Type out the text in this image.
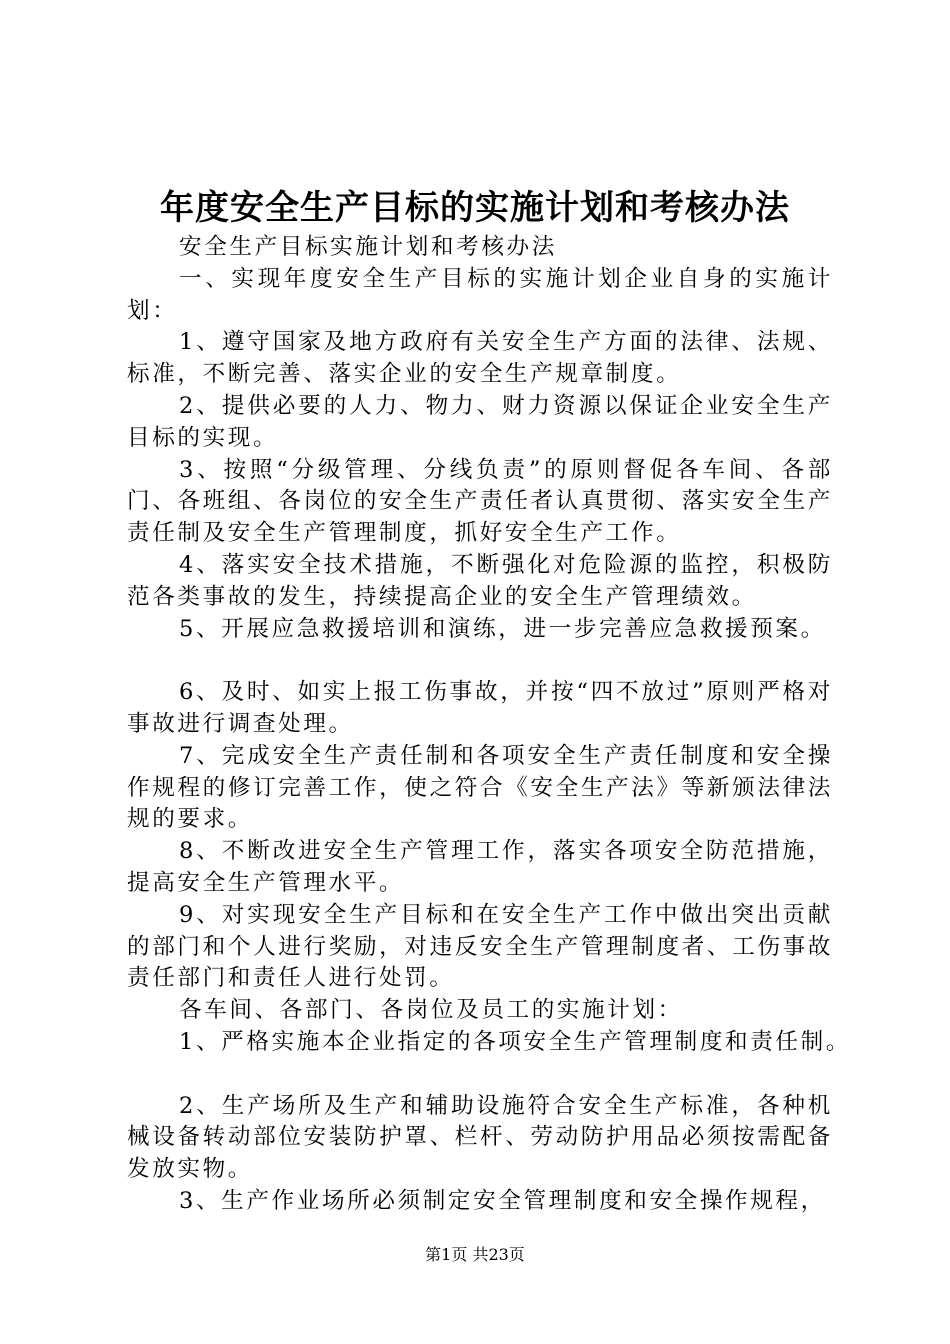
年度安全生产目标的实施计划和考核办法

安全生产目标实施计划和考核办法

一、实现年度安全生产目标的实施计划企业自身的实施计划：

1、遵守国家及地方政府有关安全生产方面的法律、法规、标准，不断完善、落实企业的安全生产规章制度。

2、提供必要的人力、物力、财力资源以保证企业安全生产目标的实现。

3、按照“分级管理、分线负责”的原则督促各车间、各部门、各班组、各岗位的安全生产责任者认真贯彻、落实安全生产责任制及安全生产管理制度，抓好安全生产工作。

4、落实安全技术措施，不断强化对危险源的监控，积极防范各类事故的发生，持续提高企业的安全生产管理绩效。

5、开展应急救援培训和演练，进一步完善应急救援预案。

6、及时、如实上报工伤事故，并按“四不放过”原则严格对事故进行调查处理。

7、完成安全生产责任制和各项安全生产责任制度和安全操作规程的修订完善工作，使之符合《安全生产法》等新颁法律法规的要求。

8、不断改进安全生产管理工作，落实各项安全防范措施，提高安全生产管理水平。

9、对实现安全生产目标和在安全生产工作中做出突出贡献的部门和个人进行奖励，对违反安全生产管理制度者、工伤事故责任部门和责任人进行处罚。

各车间、各部门、各岗位及员工的实施计划：

1、严格实施本企业指定的各项安全生产管理制度和责任制。

2、生产场所及生产和辅助设施符合安全生产标准，各种机械设备转动部位安装防护罩、栏杆、劳动防护用品必须按需配备发放实物。

3、生产作业场所必须制定安全管理制度和安全操作规程，

第1页 共23页
